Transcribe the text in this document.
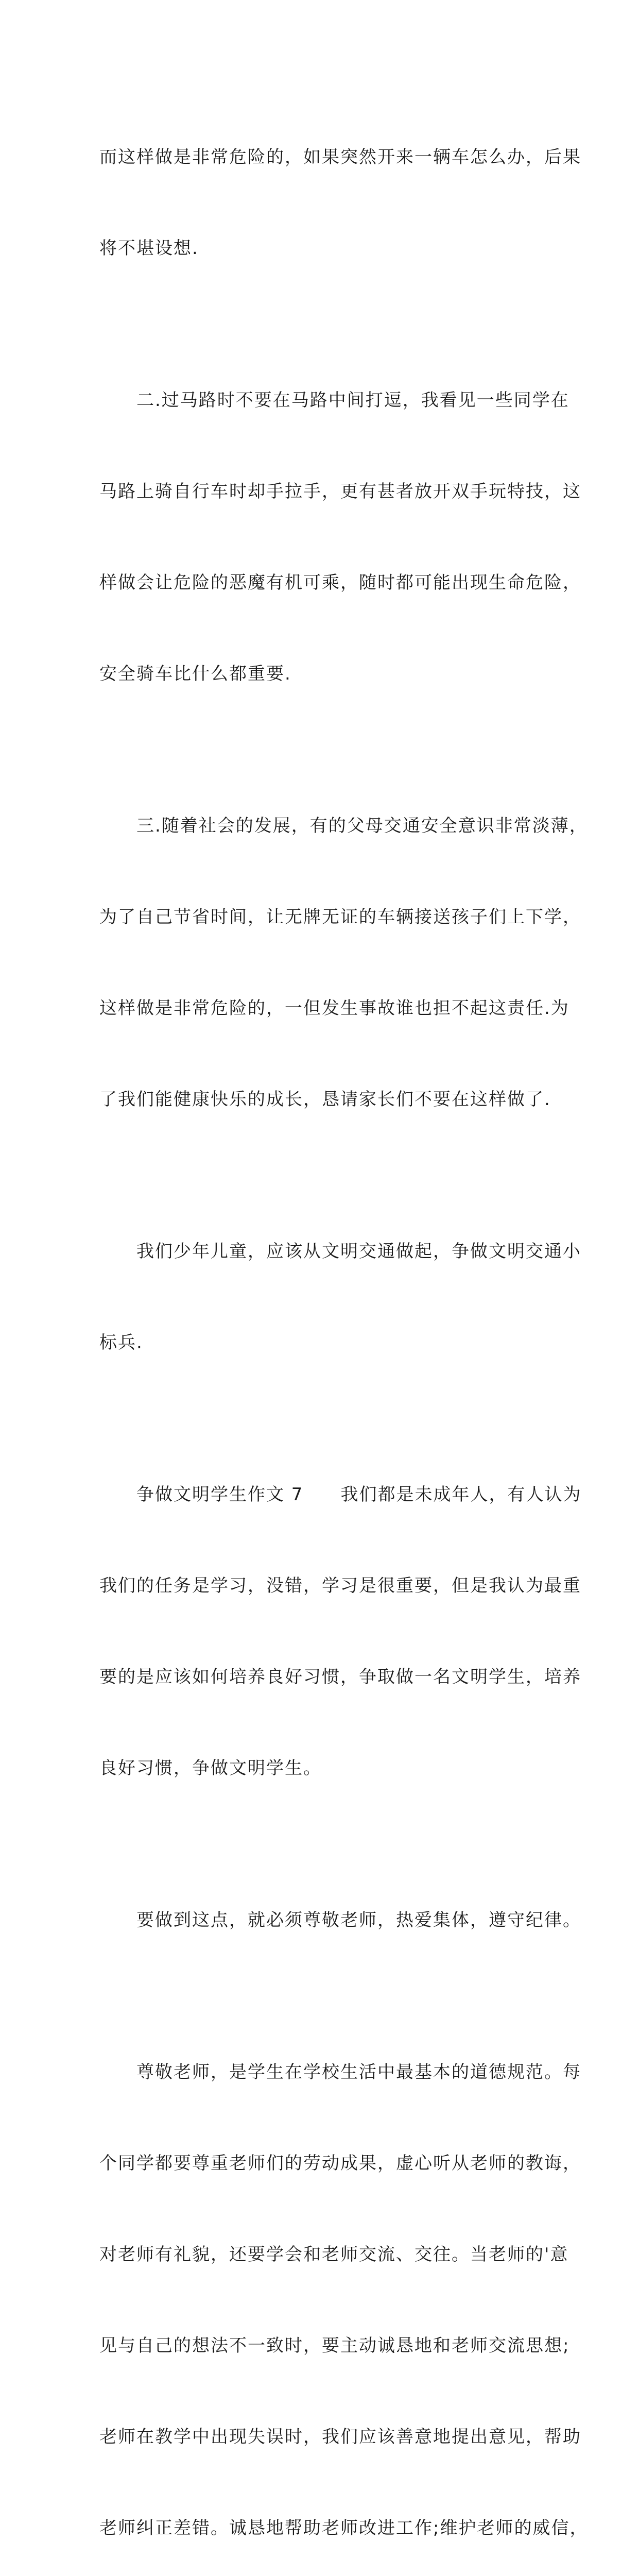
而这样做是非常危险的，如果突然开来一辆车怎么办，后果

将不堪设想.

　　二.过马路时不要在马路中间打逗，我看见一些同学在

马路上骑自行车时却手拉手，更有甚者放开双手玩特技，这

样做会让危险的恶魔有机可乘，随时都可能出现生命危险，

安全骑车比什么都重要.

　　三.随着社会的发展，有的父母交通安全意识非常淡薄，

为了自己节省时间，让无牌无证的车辆接送孩子们上下学，

这样做是非常危险的，一但发生事故谁也担不起这责任.为

了我们能健康快乐的成长，恳请家长们不要在这样做了.

　　我们少年儿童，应该从文明交通做起，争做文明交通小

标兵.

　　争做文明学生作文 7　　我们都是未成年人，有人认为

我们的任务是学习，没错，学习是很重要，但是我认为最重

要的是应该如何培养良好习惯，争取做一名文明学生，培养

良好习惯，争做文明学生。

　　要做到这点，就必须尊敬老师，热爱集体，遵守纪律。

　　尊敬老师，是学生在学校生活中最基本的道德规范。每

个同学都要尊重老师们的劳动成果，虚心听从老师的教诲，

对老师有礼貌，还要学会和老师交流、交往。当老师的'意

见与自己的想法不一致时，要主动诚恳地和老师交流思想;

老师在教学中出现失误时，我们应该善意地提出意见，帮助

老师纠正差错。诚恳地帮助老师改进工作;维护老师的威信，
